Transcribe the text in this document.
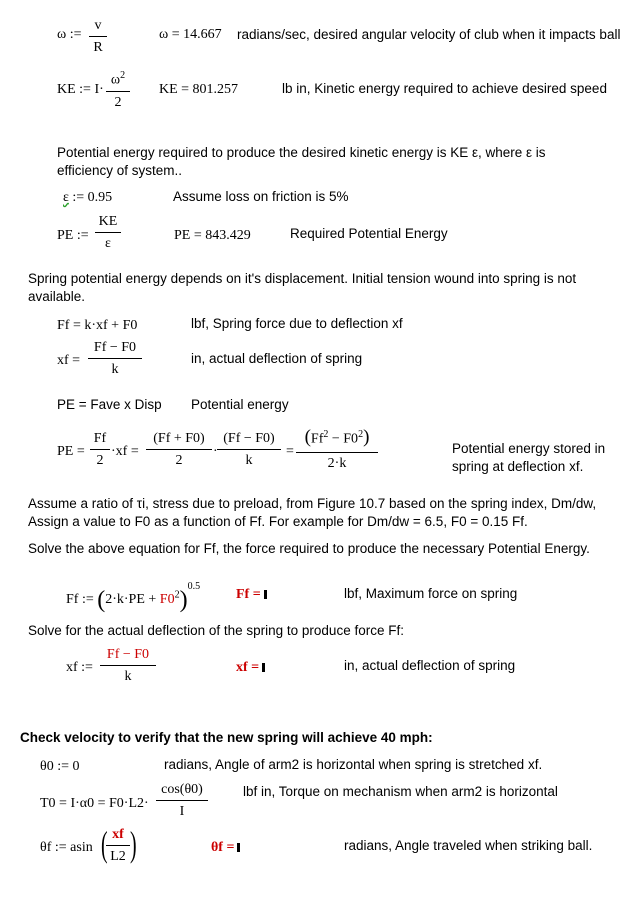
ω :=
v
R
ω = 14.667 radians/sec, desired angular velocity of club when it impacts ball
KE := I·
$\omega^2$
2
KE = 801.257	lb in, Kinetic energy required to achieve desired speed
Potential energy required to produce the desired kinetic energy is KE ε, where ε is
efficiency of system..
ε := 0.95	Assume loss on friction is 5%
PE :=
KE
ε
PE = 843.429	Required Potential Energy
Spring potential energy depends on it's displacement. Initial tension wound into spring is not
available.
Ff = k·xf + F0	lbf, Spring force due to deflection xf
xf =
Ff − F0
k
in, actual deflection of spring
PE = Fave x Disp Potential energy
PE =
Ff
2
·xf =
(Ff + F0)
2
·
(Ff − F0)
k
=
$(Ff^2 - F0^2)$
2·k
Potential energy stored in
spring at deflection xf.
Assume a ratio of τi, stress due to preload, from Figure 10.7 based on the spring index, Dm/dw,
Assign a value to F0 as a function of Ff. For example for Dm/dw = 6.5, F0 = 0.15 Ff.
Solve the above equation for Ff, the force required to produce the necessary Potential Energy.
Ff := $(2\cdot k\cdot PE + F0^2)^{0.5}$
Ff =	lbf, Maximum force on spring
Solve for the actual deflection of the spring to produce force Ff:
xf :=
Ff − F0
k
xf =	in, actual deflection of spring
Check velocity to verify that the new spring will achieve 40 mph:
θ0 := 0	radians, Angle of arm2 is horizontal when spring is stretched xf.
T0 = I·α0 = F0·L2·
cos(θ0)
I
lbf in, Torque on mechanism when arm2 is horizontal
θf := asin ( xf
L2 )	θf =	radians, Angle traveled when striking ball.
